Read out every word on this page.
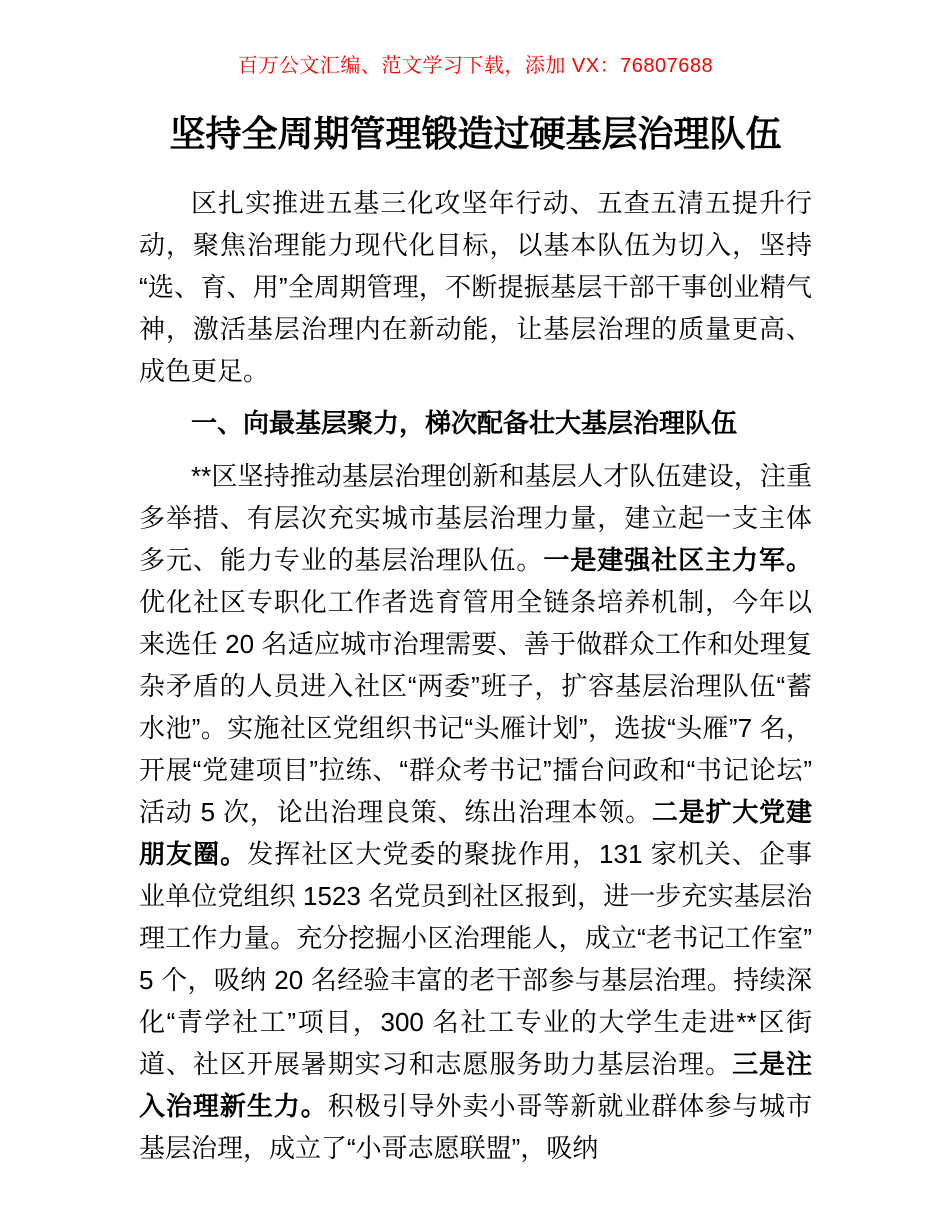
百万公文汇编、范文学习下载，添加 VX：76807688
坚持全周期管理锻造过硬基层治理队伍

区扎实推进五基三化攻坚年行动、五查五清五提升行动，聚焦治理能力现代化目标，以基本队伍为切入，坚持“选、育、用”全周期管理，不断提振基层干部干事创业精气神，激活基层治理内在新动能，让基层治理的质量更高、成色更足。

一、向最基层聚力，梯次配备壮大基层治理队伍

**区坚持推动基层治理创新和基层人才队伍建设，注重多举措、有层次充实城市基层治理力量，建立起一支主体多元、能力专业的基层治理队伍。一是建强社区主力军。优化社区专职化工作者选育管用全链条培养机制，今年以来选任 20 名适应城市治理需要、善于做群众工作和处理复杂矛盾的人员进入社区“两委”班子，扩容基层治理队伍“蓄水池”。实施社区党组织书记“头雁计划”，选拔“头雁”7 名，开展“党建项目”拉练、“群众考书记”擂台问政和“书记论坛”活动 5 次，论出治理良策、练出治理本领。二是扩大党建朋友圈。发挥社区大党委的聚拢作用，131 家机关、企事业单位党组织 1523 名党员到社区报到，进一步充实基层治理工作力量。充分挖掘小区治理能人，成立“老书记工作室”5 个，吸纳 20 名经验丰富的老干部参与基层治理。持续深化“青学社工”项目，300 名社工专业的大学生走进**区街道、社区开展暑期实习和志愿服务助力基层治理。三是注入治理新生力。积极引导外卖小哥等新就业群体参与城市基层治理，成立了“小哥志愿联盟”，吸纳
